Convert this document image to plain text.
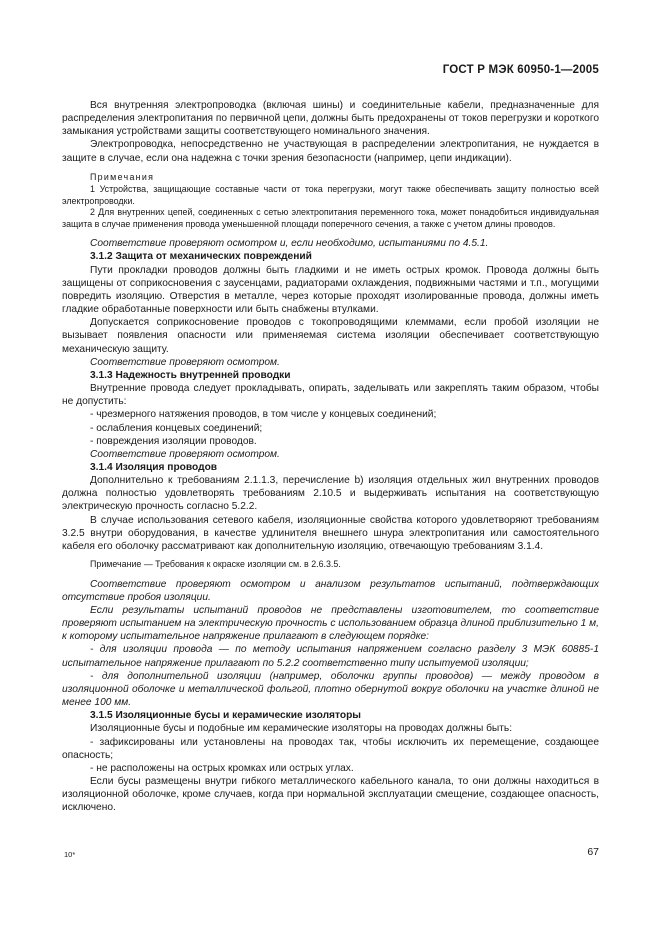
ГОСТ Р МЭК 60950-1—2005

Вся внутренняя электропроводка (включая шины) и соединительные кабели, предназначенные для распределения электропитания по первичной цепи, должны быть предохранены от токов перегрузки и короткого замыкания устройствами защиты соответствующего номинального значения.

Электропроводка, непосредственно не участвующая в распределении электропитания, не нуждается в защите в случае, если она надежна с точки зрения безопасности (например, цепи индикации).

Примечания

1 Устройства, защищающие составные части от тока перегрузки, могут также обеспечивать защиту полностью всей электропроводки.

2 Для внутренних цепей, соединенных с сетью электропитания переменного тока, может понадобиться индивидуальная защита в случае применения провода уменьшенной площади поперечного сечения, а также с учетом длины проводов.

Соответствие проверяют осмотром и, если необходимо, испытаниями по 4.5.1.

3.1.2 Защита от механических повреждений

Пути прокладки проводов должны быть гладкими и не иметь острых кромок. Провода должны быть защищены от соприкосновения с заусенцами, радиаторами охлаждения, подвижными частями и т.п., могущими повредить изоляцию. Отверстия в металле, через которые проходят изолированные провода, должны иметь гладкие обработанные поверхности или быть снабжены втулками.

Допускается соприкосновение проводов с токопроводящими клеммами, если пробой изоляции не вызывает появления опасности или применяемая система изоляции обеспечивает соответствующую механическую защиту.

Соответствие проверяют осмотром.

3.1.3 Надежность внутренней проводки

Внутренние провода следует прокладывать, опирать, заделывать или закреплять таким образом, чтобы не допустить:

- чрезмерного натяжения проводов, в том числе у концевых соединений;

- ослабления концевых соединений;

- повреждения изоляции проводов.

Соответствие проверяют осмотром.

3.1.4 Изоляция проводов

Дополнительно к требованиям 2.1.1.3, перечисление b) изоляция отдельных жил внутренних проводов должна полностью удовлетворять требованиям 2.10.5 и выдерживать испытания на соответствующую электрическую прочность согласно 5.2.2.

В случае использования сетевого кабеля, изоляционные свойства которого удовлетворяют требованиям 3.2.5 внутри оборудования, в качестве удлинителя внешнего шнура электропитания или самостоятельного кабеля его оболочку рассматривают как дополнительную изоляцию, отвечающую требованиям 3.1.4.

Примечание — Требования к окраске изоляции см. в 2.6.3.5.

Соответствие проверяют осмотром и анализом результатов испытаний, подтверждающих отсутствие пробоя изоляции.

Если результаты испытаний проводов не представлены изготовителем, то соответствие проверяют испытанием на электрическую прочность с использованием образца длиной приблизительно 1 м, к которому испытательное напряжение прилагают в следующем порядке:

- для изоляции провода — по методу испытания напряжением согласно разделу 3 МЭК 60885-1 испытательное напряжение прилагают по 5.2.2 соответственно типу испытуемой изоляции;

- для дополнительной изоляции (например, оболочки группы проводов) — между проводом в изоляционной оболочке и металлической фольгой, плотно обернутой вокруг оболочки на участке длиной не менее 100 мм.

3.1.5 Изоляционные бусы и керамические изоляторы

Изоляционные бусы и подобные им керамические изоляторы на проводах должны быть:

- зафиксированы или установлены на проводах так, чтобы исключить их перемещение, создающее опасность;

- не расположены на острых кромках или острых углах.

Если бусы размещены внутри гибкого металлического кабельного канала, то они должны находиться в изоляционной оболочке, кроме случаев, когда при нормальной эксплуатации смещение, создающее опасность, исключено.

10*	67
